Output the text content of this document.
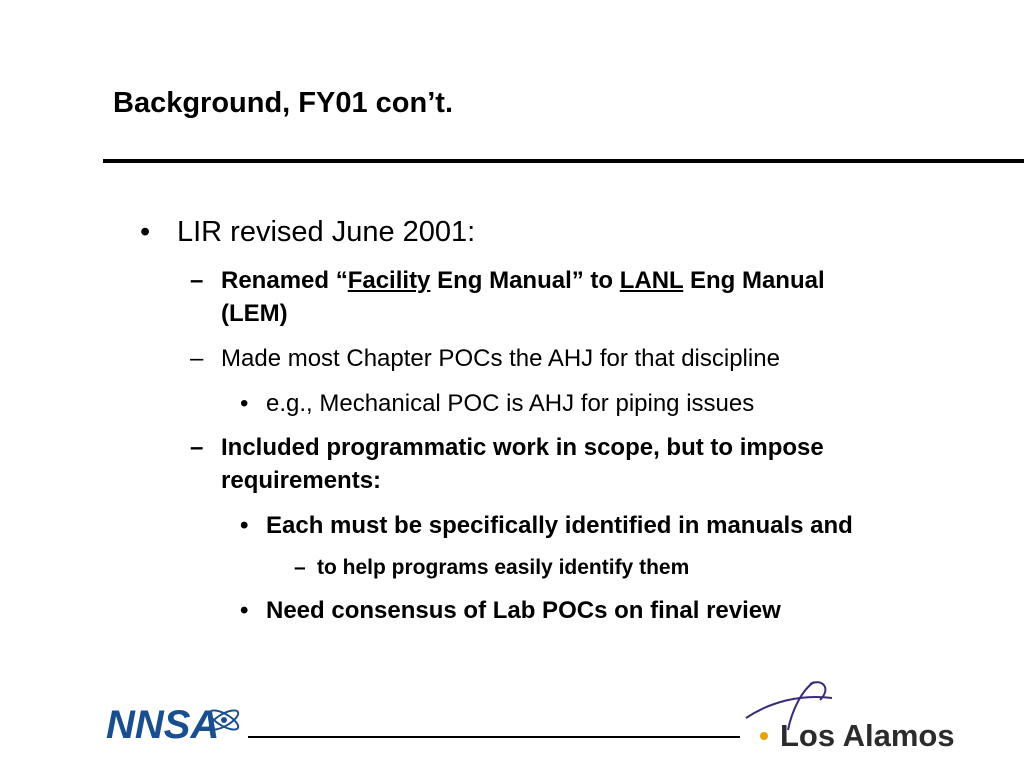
Background, FY01 con’t.
• LIR revised June 2001:
– Renamed “Facility Eng Manual” to LANL Eng Manual
(LEM)
– Made most Chapter POCs the AHJ for that discipline
• e.g., Mechanical POC is AHJ for piping issues
– Included programmatic work in scope, but to impose
requirements:
• Each must be specifically identified in manuals and
– to help programs easily identify them
• Need consensus of Lab POCs on final review
NNSA	Los Alamos
